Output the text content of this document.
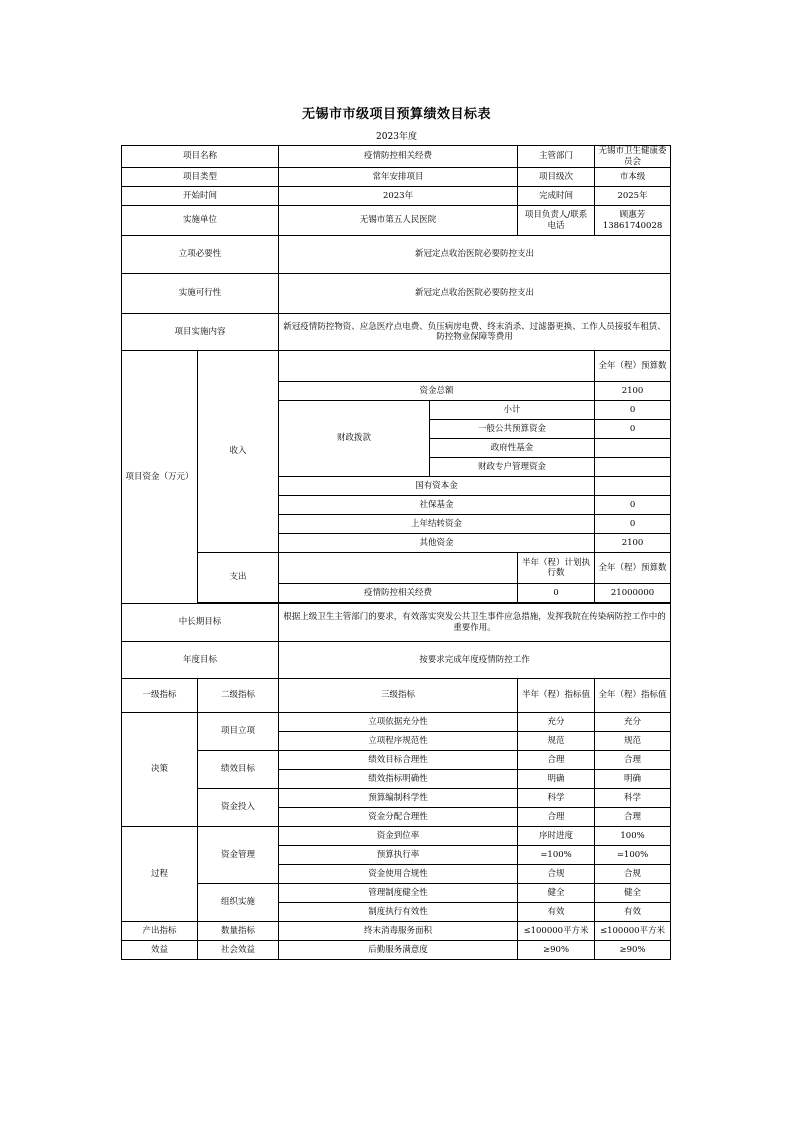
无锡市市级项目预算绩效目标表
2023年度
项目名称		疫情防控相关经费		主管部门	无锡市卫生健康委员会
项目类型		常年安排项目		项目级次	市本级
开始时间		2023年		完成时间	2025年
实施单位		无锡市第五人民医院		项目负责人/联系电话	顾惠芳
13861740028

立项必要性		新冠定点收治医院必要防控支出			
实施可行性		新冠定点收治医院必要防控支出			
项目实施内容		新冠疫情防控物资、应急医疗点电费、负压病房电费、终末消杀、过滤器更换、工作人员接驳车租赁、防控物业保障等费用			
项目资金（万元）	收入				全年（程）预算数
		资金总额			2100
		财政拨款	小计		0
			一般公共预算资金		0
			政府性基金		
			财政专户管理资金		
		国有资本金			
		社保基金			0
		上年结转资金			0
		其他资金			2100
	支出			半年（程）计划执行数	全年（程）预算数
		疫情防控相关经费		0	21000000

中长期目标		根据上级卫生主管部门的要求，有效落实突发公共卫生事件应急措施，发挥我院在传染病防控工作中的重要作用。			
年度目标		按要求完成年度疫情防控工作			
一级指标	二级指标	三级指标		半年（程）指标值	全年（程）指标值
决策	项目立项	立项依据充分性		充分	充分
		立项程序规范性		规范	规范
	绩效目标	绩效目标合理性		合理	合理
		绩效指标明确性		明确	明确
	资金投入	预算编制科学性		科学	科学
		资金分配合理性		合理	合理
过程	资金管理	资金到位率		序时进度	100%
		预算执行率		=100%	=100%
		资金使用合规性		合规	合规
	组织实施	管理制度健全性		健全	健全
		制度执行有效性		有效	有效
产出指标	数量指标	终末消毒服务面积		≤100000平方米	≤100000平方米
效益	社会效益	后勤服务满意度		≥90%	≥90%
